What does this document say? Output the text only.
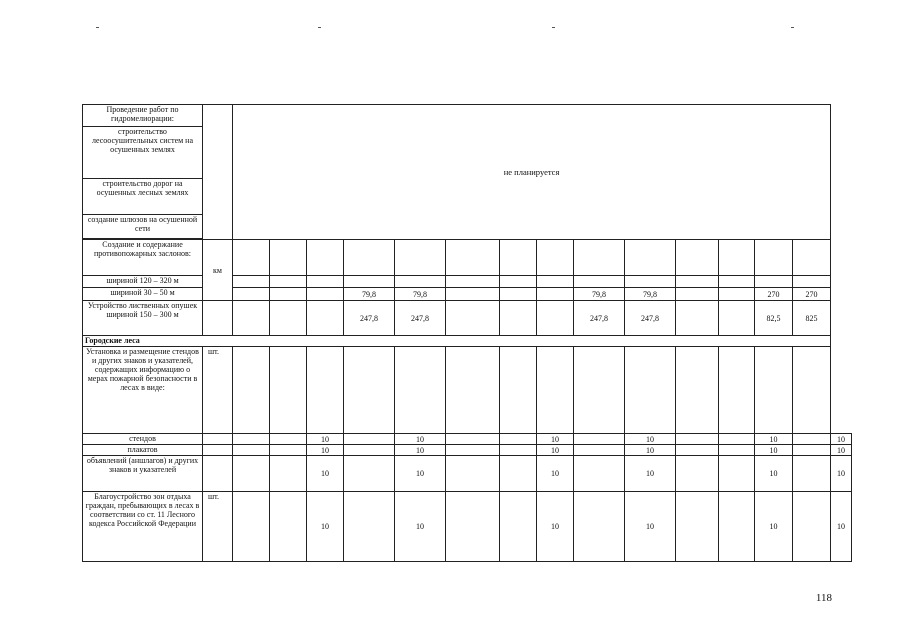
Проведение работ по гидромелиорации:		не планируется														
строительство лесоосушительных систем на осушенных землях																
строительство дорог на осушенных лесных землях																
создание шлюзов на осушенной сети																

Создание и содержание противопожарных заслонов:	км															
шириной 120 – 320 м																
шириной 30 – 50 м					79,8	79,8				79,8	79,8			270	270	
Устройство лиственных опушек шириной 150 – 300 м					247,8	247,8				247,8	247,8			82,5	825	
Городские леса																
Установка и размещение стендов и других знаков и указателей, содержащих информацию о мерах пожарной безопасности в лесах в виде:	шт.															
стендов				10		10			10		10			10		10
плакатов				10		10			10		10			10		10
объявлений (аншлагов) и других знаков и указателей				10		10			10		10			10		10
Благоустройство зон отдыха граждан, пребывающих в лесах в соответствии со ст. 11 Лесного кодекса Российской Федерации	шт.			10		10			10		10			10		10
118
